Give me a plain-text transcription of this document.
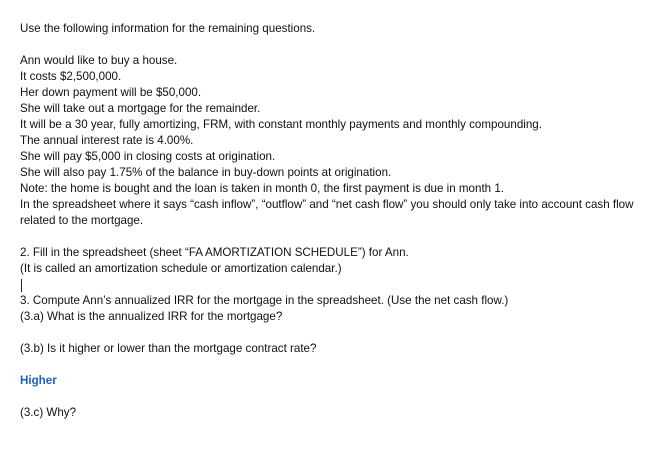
Use the following information for the remaining questions.
Ann would like to buy a house.
It costs $2,500,000.
Her down payment will be $50,000.
She will take out a mortgage for the remainder.
It will be a 30 year, fully amortizing, FRM, with constant monthly payments and monthly compounding.
The annual interest rate is 4.00%.
She will pay $5,000 in closing costs at origination.
She will also pay 1.75% of the balance in buy-down points at origination.
Note: the home is bought and the loan is taken in month 0, the first payment is due in month 1.
In the spreadsheet where it says “cash inflow”, “outflow” and “net cash flow” you should only take into account cash flow related to the mortgage.
2. Fill in the spreadsheet (sheet “FA AMORTIZATION SCHEDULE”) for Ann.
(It is called an amortization schedule or amortization calendar.)
3. Compute Ann’s annualized IRR for the mortgage in the spreadsheet. (Use the net cash flow.)
(3.a) What is the annualized IRR for the mortgage?
(3.b) Is it higher or lower than the mortgage contract rate?
Higher
(3.c) Why?
